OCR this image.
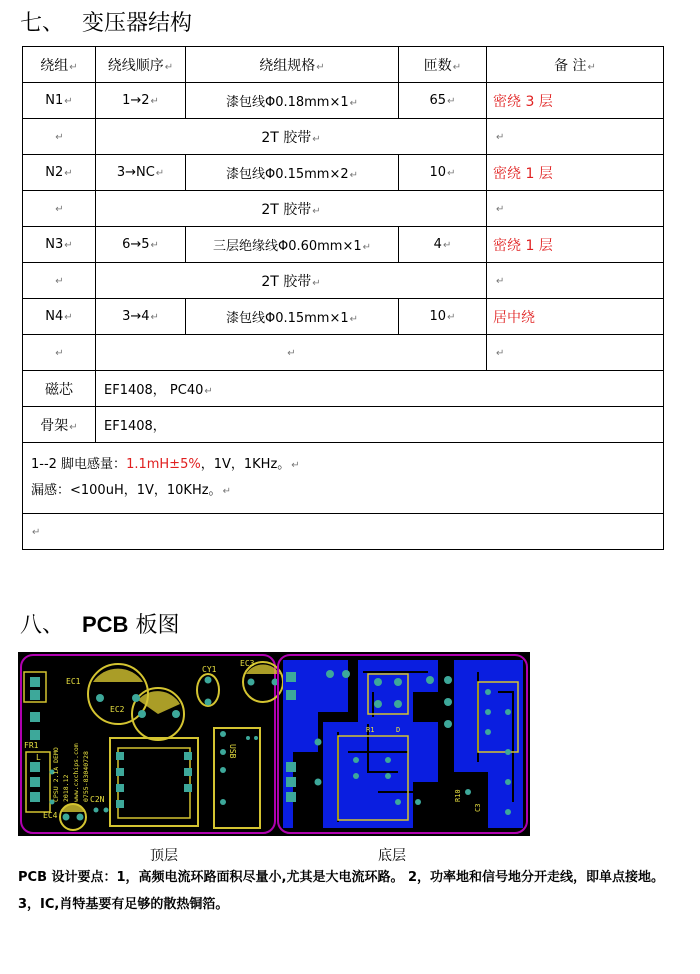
七、 变压器结构
绕组↵	绕线顺序↵	绕组规格↵	匝数↵	备 注↵
N1↵	1→2↵	漆包线Φ0.18mm×1↵	65↵	密绕 3 层
↵	2T 胶带↵			↵
N2↵	3→NC↵	漆包线Φ0.15mm×2↵	10↵	密绕 1 层
↵	2T 胶带↵			↵
N3↵	6→5↵	三层绝缘线Φ0.60mm×1↵	4↵	密绕 1 层
↵	2T 胶带↵			↵
N4↵	3→4↵	漆包线Φ0.15mm×1↵	10↵	居中绕
↵	↵			↵
磁芯	EF1408， PC40↵			
骨架↵	EF1408，			

1--2 脚电感量：1.1mH±5%，1V，1KHz。↵
漏感：<100uH，1V，10KHz。↵				

↵				
八、 PCB 板图
EC1
EC2
EC3
CY1
EC4
C2N
FR1
L	USB
CPSU 2.1A DEMO 2018.12 www.cxchips.com 0755-83040728
R1	D
R10
C3
顶层	底层
PCB 设计要点：1，高频电流环路面积尽量小,尤其是大电流环路。 2，功率地和信号地分开走线，即单点接地。3，IC,肖特基要有足够的散热铜箔。
